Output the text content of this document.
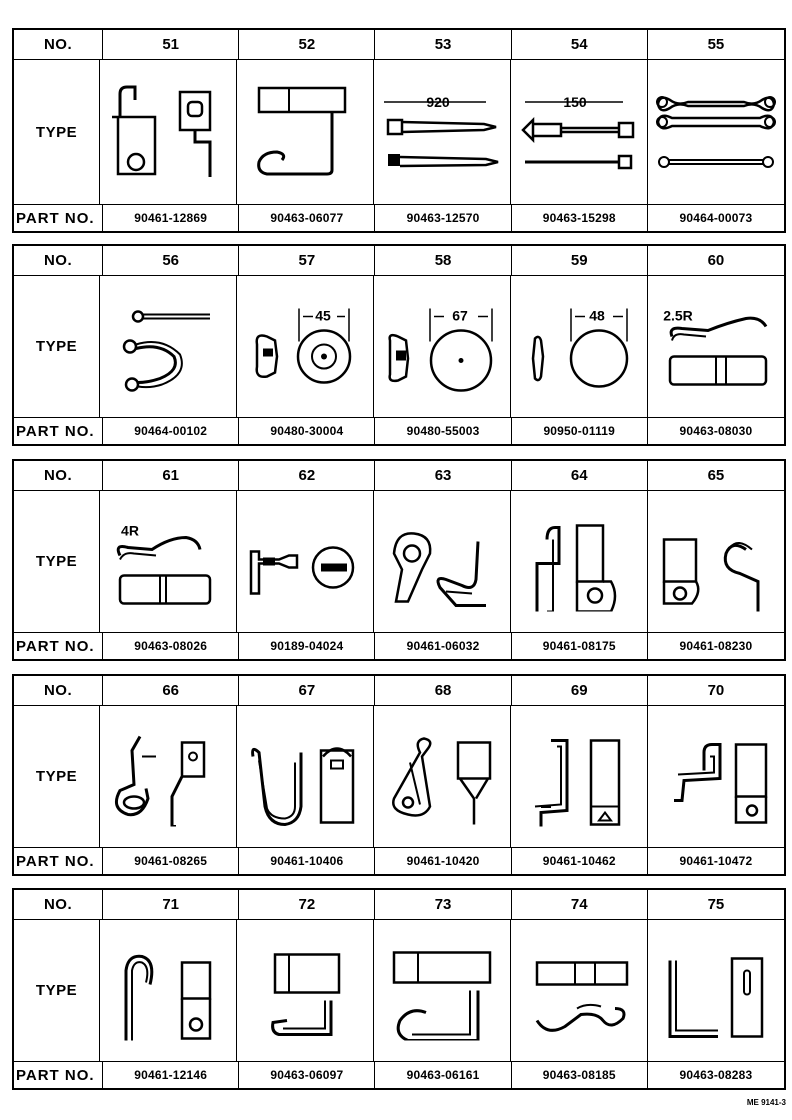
NO.	51	52	53	54	55
TYPE
920	150
PART NO.	90461-12869	90463-06077	90463-12570	90463-15298	90464-00073
NO.	56	57	58	59	60
TYPE
45	67	48	2.5R
PART NO.	90464-00102	90480-30004	90480-55003	90950-01119	90463-08030
NO.	61	62	63	64	65
TYPE
4R
PART NO.	90463-08026	90189-04024	90461-06032	90461-08175	90461-08230
NO.	66	67	68	69	70
TYPE
PART NO.	90461-08265	90461-10406	90461-10420	90461-10462	90461-10472
NO.	71	72	73	74	75
TYPE
PART NO.	90461-12146	90463-06097	90463-06161	90463-08185	90463-08283
ME 9141-3
